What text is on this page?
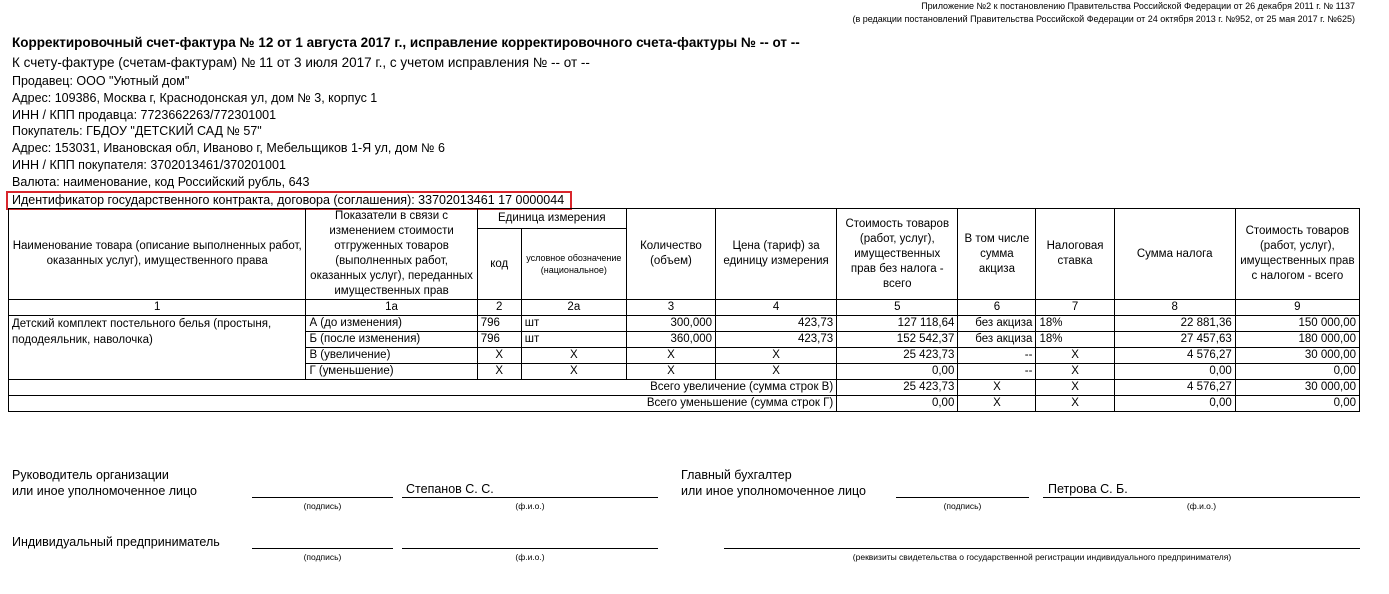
Приложение №2 к постановлению Правительства Российской Федерации от 26 декабря 2011 г. № 1137
(в редакции постановлений Правительства Российской Федерации от 24 октября 2013 г. №952, от 25 мая 2017 г. №625)
Корректировочный счет-фактура № 12 от 1 августа 2017 г., исправление корректировочного счета-фактуры № -- от --
К счету-фактуре (счетам-фактурам) № 11 от 3 июля 2017 г., с учетом исправления № -- от --
Продавец: ООО "Уютный дом"
Адрес: 109386, Москва г, Краснодонская ул, дом № 3, корпус 1
ИНН / КПП продавца: 7723662263/772301001
Покупатель: ГБДОУ "ДЕТСКИЙ САД № 57"
Адрес: 153031, Ивановская обл, Иваново г, Мебельщиков 1-Я ул, дом № 6
ИНН / КПП покупателя: 3702013461/370201001
Валюта: наименование, код Российский рубль, 643
Идентификатор государственного контракта, договора (соглашения): 33702013461 17 0000044
Наименование товара (описание выполненных работ, оказанных услуг), имущественного права	Показатели в связи с изменением стоимости отгруженных товаров (выполненных работ, оказанных услуг), переданных имущественных прав	Единица измерения		Количество (объем)	Цена (тариф) за единицу измерения	Стоимость товаров (работ, услуг), имущественных прав без налога - всего	В том числе сумма акциза	Налоговая ставка	Сумма налога	Стоимость товаров (работ, услуг), имущественных прав с налогом - всего
		код	условное обозначение (национальное)							
1	1а	2	2а	3	4	5	6	7	8	9
Детский комплект постельного белья (простыня, пододеяльник, наволочка)	А (до изменения)	796	шт	300,000	423,73	127 118,64	без акциза	18%	22 881,36	150 000,00
	Б (после изменения)	796	шт	360,000	423,73	152 542,37	без акциза	18%	27 457,63	180 000,00
	В (увеличение)	X	X	X	X	25 423,73	--	X	4 576,27	30 000,00
	Г (уменьшение)	X	X	X	X	0,00	--	X	0,00	0,00
Всего увеличение (сумма строк В)						25 423,73	X	X	4 576,27	30 000,00
Всего уменьшение (сумма строк Г)						0,00	X	X	0,00	0,00
Руководитель организации
или иное уполномоченное лицо
(подпись)
Степанов С. С.
(ф.и.о.)
Главный бухгалтер
или иное уполномоченное лицо
(подпись)
Петрова С. Б.
(ф.и.о.)
Индивидуальный предприниматель
(подпись)	(ф.и.о.)	(реквизиты свидетельства о государственной регистрации индивидуального предпринимателя)
